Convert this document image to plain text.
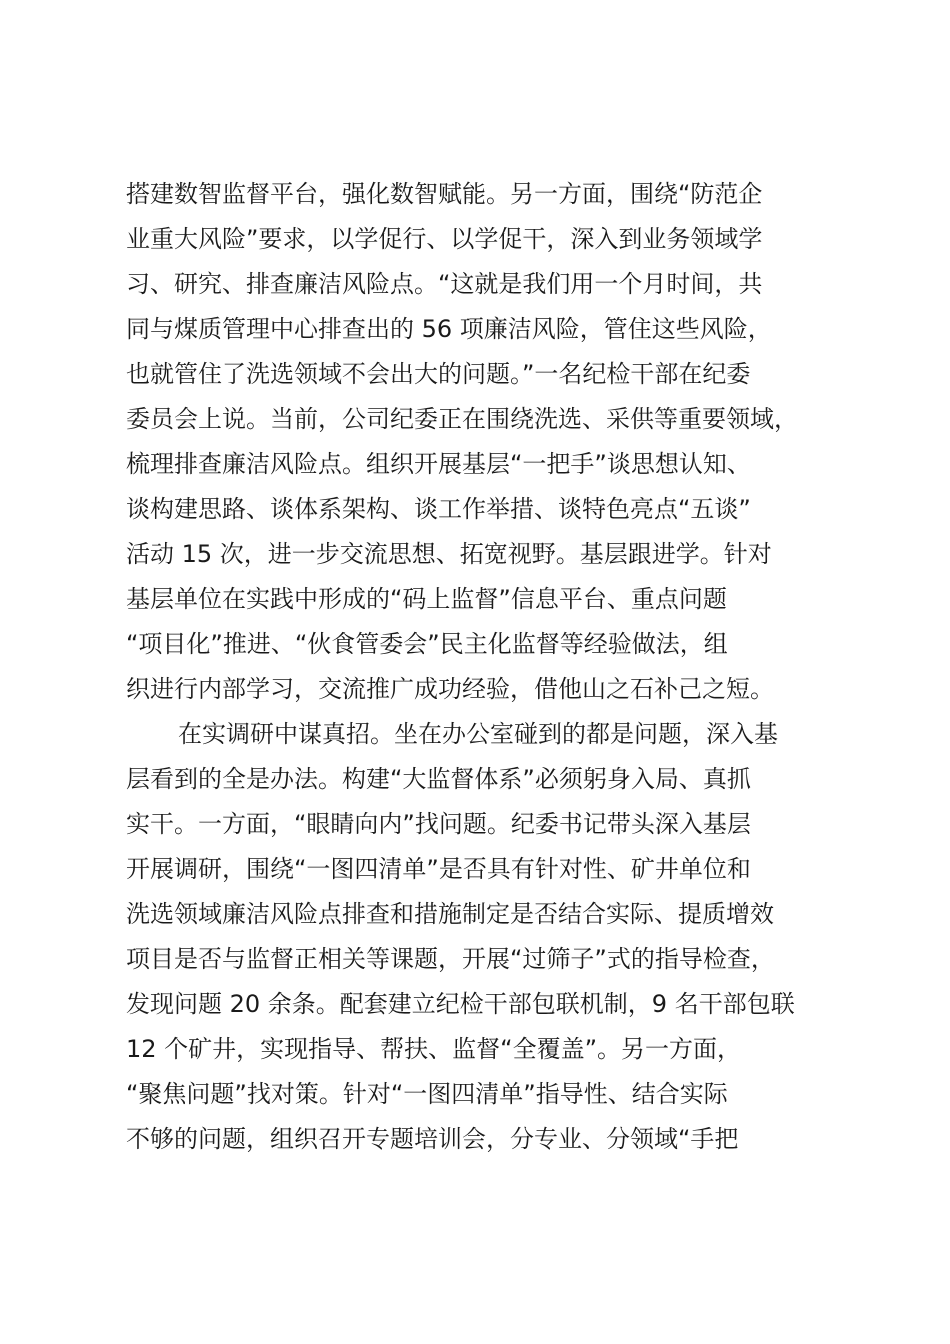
搭建数智监督平台，强化数智赋能。另一方面，围绕“防范企
业重大风险”要求，以学促行、以学促干，深入到业务领域学
习、研究、排查廉洁风险点。“这就是我们用一个月时间，共
同与煤质管理中心排查出的 56 项廉洁风险，管住这些风险，
也就管住了洗选领域不会出大的问题。”一名纪检干部在纪委
委员会上说。当前，公司纪委正在围绕洗选、采供等重要领域，
梳理排查廉洁风险点。组织开展基层“一把手”谈思想认知、
谈构建思路、谈体系架构、谈工作举措、谈特色亮点“五谈”
活动 15 次，进一步交流思想、拓宽视野。基层跟进学。针对
基层单位在实践中形成的“码上监督”信息平台、重点问题
“项目化”推进、“伙食管委会”民主化监督等经验做法，组
织进行内部学习，交流推广成功经验，借他山之石补己之短。
在实调研中谋真招。坐在办公室碰到的都是问题，深入基
层看到的全是办法。构建“大监督体系”必须躬身入局、真抓
实干。一方面，“眼睛向内”找问题。纪委书记带头深入基层
开展调研，围绕“一图四清单”是否具有针对性、矿井单位和
洗选领域廉洁风险点排查和措施制定是否结合实际、提质增效
项目是否与监督正相关等课题，开展“过筛子”式的指导检查，
发现问题 20 余条。配套建立纪检干部包联机制，9 名干部包联
12 个矿井，实现指导、帮扶、监督“全覆盖”。另一方面，
“聚焦问题”找对策。针对“一图四清单”指导性、结合实际
不够的问题，组织召开专题培训会，分专业、分领域“手把
